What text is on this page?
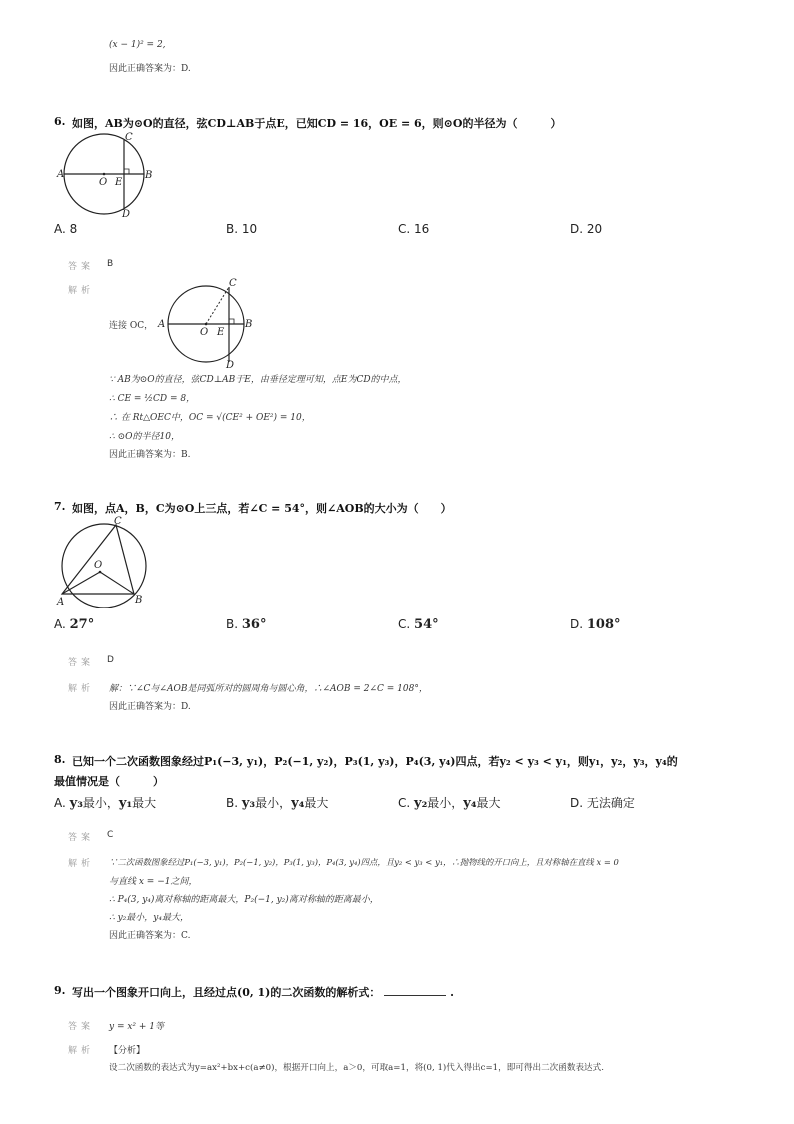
(x − 1)² = 2,
因此正确答案为：D.
6. 如图，AB为⊙O的直径，弦CD⊥AB于点E，已知CD = 16，OE = 6，则⊙O的半径为（　　　）
A	B
C
D
O E
A. 8	B. 10	C. 16	D. 20
答案 B
解析
连接 OC， A	B
C
D
O E
∵ AB为⊙O的直径，弦CD⊥AB于E，由垂径定理可知，点E为CD的中点，
∴ CE = ½CD = 8，
∴ 在 Rt△OEC中，OC = √(CE² + OE²) = 10，
∴ ⊙O的半径10，
因此正确答案为：B.
7. 如图，点A，B，C为⊙O上三点，若∠C = 54°，则∠AOB的大小为（　　）
A	B
C
O
A. 27°	B. 36°	C. 54°	D. 108°
答案 D
解析 解：∵∠C与∠AOB是同弧所对的圆周角与圆心角，∴∠AOB = 2∠C = 108°，
因此正确答案为：D.
8. 已知一个二次函数图象经过P₁(−3, y₁)，P₂(−1, y₂)，P₃(1, y₃)，P₄(3, y₄)四点，若y₂ < y₃ < y₁，则y₁，y₂，y₃，y₄的
最值情况是（　　　）
A. y₃最小，y₁最大	B. y₃最小，y₄最大	C. y₂最小，y₄最大	D. 无法确定
答案 C
解析 ∵二次函数图象经过P₁(−3, y₁)，P₂(−1, y₂)，P₃(1, y₃)，P₄(3, y₄)四点，且y₂ < y₃ < y₁，∴抛物线的开口向上，且对称轴在直线 x = 0
与直线 x = −1之间，
∴ P₄(3, y₄)离对称轴的距离最大，P₂(−1, y₂)离对称轴的距离最小，
∴ y₂最小，y₄最大，
因此正确答案为：C.
9. 写出一个图象开口向上，且经过点(0, 1)的二次函数的解析式：	.
答案 y = x² + 1等
解析 【分析】
设二次函数的表达式为y=ax²+bx+c(a≠0)，根据开口向上，a＞0，可取a=1，将(0, 1)代入得出c=1，即可得出二次函数表达式.
